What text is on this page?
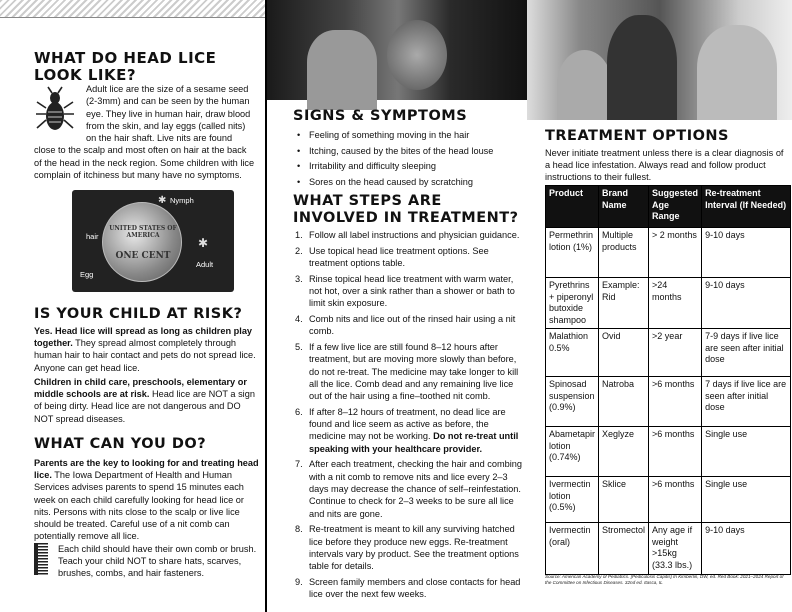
WHAT DO HEAD LICE LOOK LIKE?

Adult lice are the size of a sesame seed (2-3mm) and can be seen by the human eye. They live in human hair, draw blood from the skin, and lay eggs (called nits) on the hair shaft. Live nits are found close to the scalp and most often on hair at the back of the head in the neck region. Some children with lice complain of itchiness but many have no symptoms.

UNITED STATES OF AMERICA
ONE CENT
✱ Nymph
hair
Egg
✱
Adult
IS YOUR CHILD AT RISK?

Yes. Head lice will spread as long as children play together. They spread almost completely through human hair to hair contact and pets do not spread lice. Anyone can get head lice.

Children in child care, preschools, elementary or middle schools are at risk. Head lice are NOT a sign of being dirty. Head lice are not dangerous and DO NOT spread diseases.

WHAT CAN YOU DO?

Parents are the key to looking for and treating head lice. The Iowa Department of Health and Human Services advises parents to spend 15 minutes each week on each child carefully looking for head lice or nits. Persons with nits close to the scalp or live lice should be treated. Careful use of a nit comb can potentially remove all lice.

Each child should have their own comb or brush. Teach your child NOT to share hats, scarves, brushes, combs, and hair fasteners.

SIGNS & SYMPTOMS
• Feeling of something moving in the hair
• Itching, caused by the bites of the head louse
• Irritability and difficulty sleeping
• Sores on the head caused by scratching
WHAT STEPS ARE INVOLVED IN TREATMENT?
1. Follow all label instructions and physician guidance.
2. Use topical head lice treatment options. See treatment options table.
3. Rinse topical head lice treatment with warm water, not hot, over a sink rather than a shower or bath to limit skin exposure.
4. Comb nits and lice out of the rinsed hair using a nit comb.
5. If a few live lice are still found 8–12 hours after treatment, but are moving more slowly than before, do not re-treat. The medicine may take longer to kill all the lice. Comb dead and any remaining live lice out of the hair using a fine–toothed nit comb.
6. If after 8–12 hours of treatment, no dead lice are found and lice seem as active as before, the medicine may not be working. Do not re-treat until speaking with your healthcare provider.
7. After each treatment, checking the hair and combing with a nit comb to remove nits and lice every 2–3 days may decrease the chance of self–reinfestation. Continue to check for 2–3 weeks to be sure all lice and nits are gone.
8. Re-treatment is meant to kill any surviving hatched lice before they produce new eggs. Re-treatment intervals vary by product. See the treatment options table for details.
9. Screen family members and close contacts for head lice over the next few weeks.
TREATMENT OPTIONS

Never initiate treatment unless there is a clear diagnosis of a head lice infestation. Always read and follow product instructions to their fullest.

Product	Brand Name	Suggested Age Range	Re-treatment Interval (If Needed)
Permethrin lotion (1%)	Multiple products	> 2 months	9-10 days
Pyrethrins + piperonyl butoxide shampoo	Example: Rid	>24 months	9-10 days
Malathion 0.5%	Ovid	>2 year	7-9 days if live lice are seen after initial dose
Spinosad suspension (0.9%)	Natroba	>6 months	7 days if live lice are seen after initial dose
Abametapir lotion (0.74%)	Xeglyze	>6 months	Single use
Ivermectin lotion (0.5%)	Sklice	>6 months	Single use
Ivermectin (oral)	Stromectol	Any age if weight >15kg (33.3 lbs.)	9-10 days

Source: American Academy of Pediatrics. [Pediculosis Capitis] In Kimberlin, DW, ed. Red Book: 2021–2024 Report of the Committee on Infectious Diseases. 32nd ed. Itasca, IL
